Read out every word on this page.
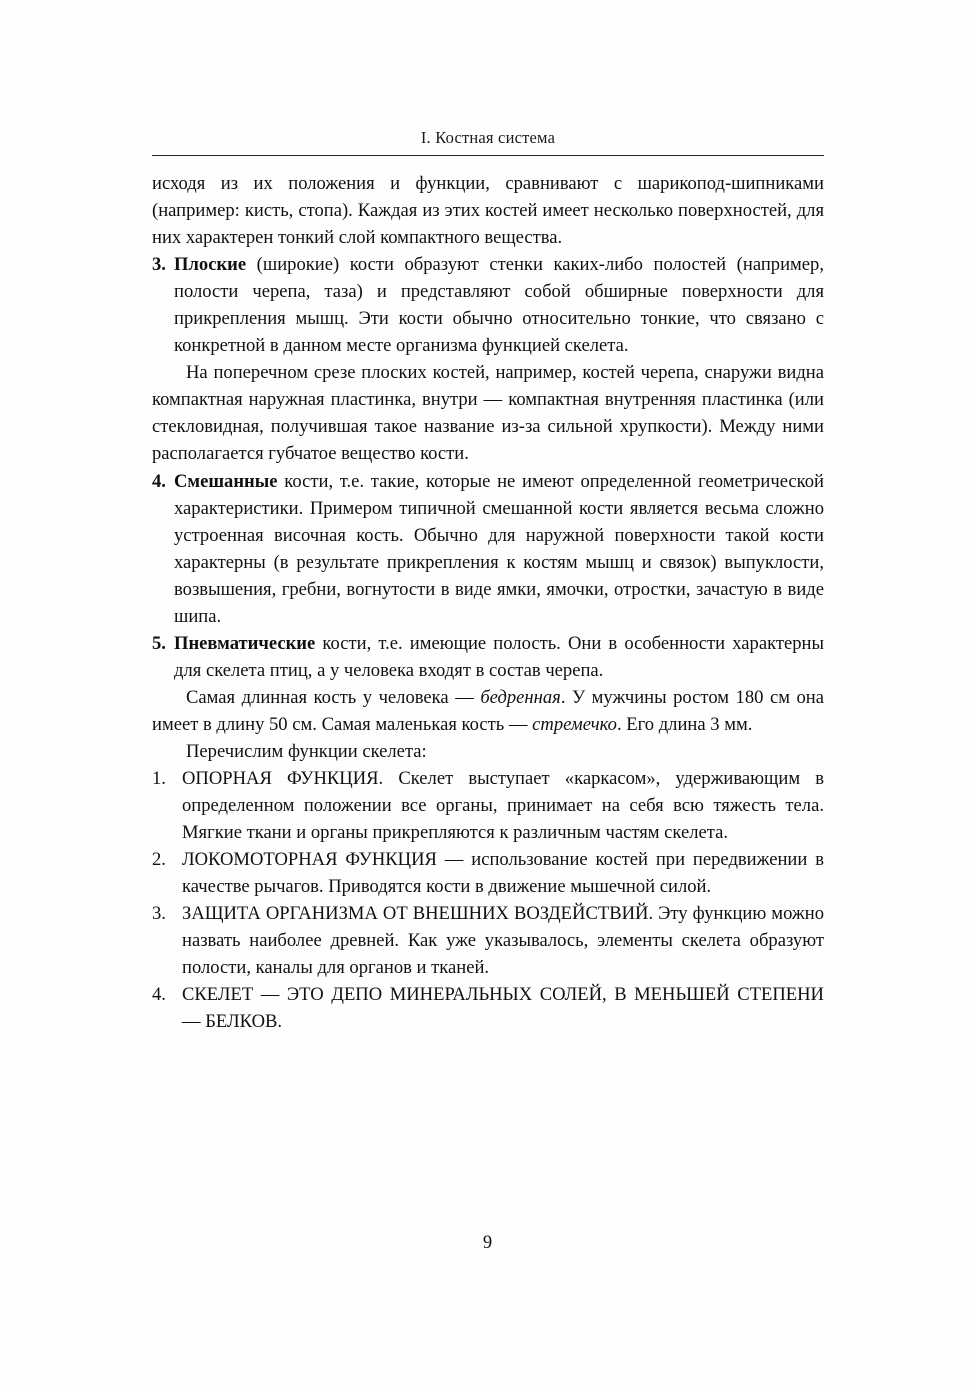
I. Костная система

исходя из их положения и функции, сравнивают с шарикопод-шипниками (например: кисть, стопа). Каждая из этих костей имеет несколько поверхностей, для них характерен тонкий слой компактного вещества.

3. Плоские (широкие) кости образуют стенки каких-либо полостей (например, полости черепа, таза) и представляют собой обширные поверхности для прикрепления мышц. Эти кости обычно относительно тонкие, что связано с конкретной в данном месте организма функцией скелета.

На поперечном срезе плоских костей, например, костей черепа, снаружи видна компактная наружная пластинка, внутри — компактная внутренняя пластинка (или стекловидная, получившая такое название из-за сильной хрупкости). Между ними располагается губчатое вещество кости.

4. Смешанные кости, т.е. такие, которые не имеют определенной геометрической характеристики. Примером типичной смешанной кости является весьма сложно устроенная височная кость. Обычно для наружной поверхности такой кости характерны (в результате прикрепления к костям мышц и связок) выпуклости, возвышения, гребни, вогнутости в виде ямки, ямочки, отростки, зачастую в виде шипа.
5. Пневматические кости, т.е. имеющие полость. Они в особенности характерны для скелета птиц, а у человека входят в состав черепа.

Самая длинная кость у человека — бедренная. У мужчины ростом 180 см она имеет в длину 50 см. Самая маленькая кость — стремечко. Его длина 3 мм.

Перечислим функции скелета:

1. ОПОРНАЯ ФУНКЦИЯ. Скелет выступает «каркасом», удерживающим в определенном положении все органы, принимает на себя всю тяжесть тела. Мягкие ткани и органы прикрепляются к различным частям скелета.
2. ЛОКОМОТОРНАЯ ФУНКЦИЯ — использование костей при передвижении в качестве рычагов. Приводятся кости в движение мышечной силой.
3. ЗАЩИТА ОРГАНИЗМА ОТ ВНЕШНИХ ВОЗДЕЙСТВИЙ. Эту функцию можно назвать наиболее древней. Как уже указывалось, элементы скелета образуют полости, каналы для органов и тканей.
4. СКЕЛЕТ — ЭТО ДЕПО МИНЕРАЛЬНЫХ СОЛЕЙ, В МЕНЬШЕЙ СТЕПЕНИ — БЕЛКОВ.
9
